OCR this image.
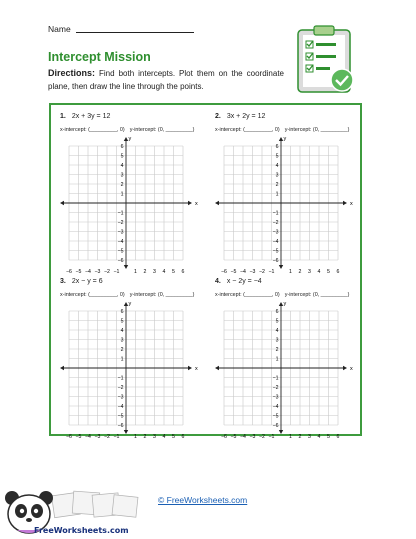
Name
Intercept Mission
Directions: Find both intercepts. Plot them on the coordinate plane, then draw the line through the points.
1. 2x + 3y = 12
x-intercept: (_________, 0) y-intercept: (0, _________)
x
y
−6
−6
−5
−5
−4
−4
−3
−3
−2
−2
−1
−1
1
1
2
2
3
3
4
4
5
5
6
6
2. 3x + 2y = 12
x-intercept: (_________, 0) y-intercept: (0, _________)
x
y
−6
−6
−5
−5
−4
−4
−3
−3
−2
−2
−1
−1
1
1
2
2
3
3
4
4
5
5
6
6
3. 2x − y = 6
x-intercept: (_________, 0) y-intercept: (0, _________)
x
y
−6
−6
−5
−5
−4
−4
−3
−3
−2
−2
−1
−1
1
1
2
2
3
3
4
4
5
5
6
6
4. x − 2y = −4
x-intercept: (_________, 0) y-intercept: (0, _________)
x
y
−6
−6
−5
−5
−4
−4
−3
−3
−2
−2
−1
−1
1
1
2
2
3
3
4
4
5
5
6
6
FreeWorksheets.com
© FreeWorksheets.com
